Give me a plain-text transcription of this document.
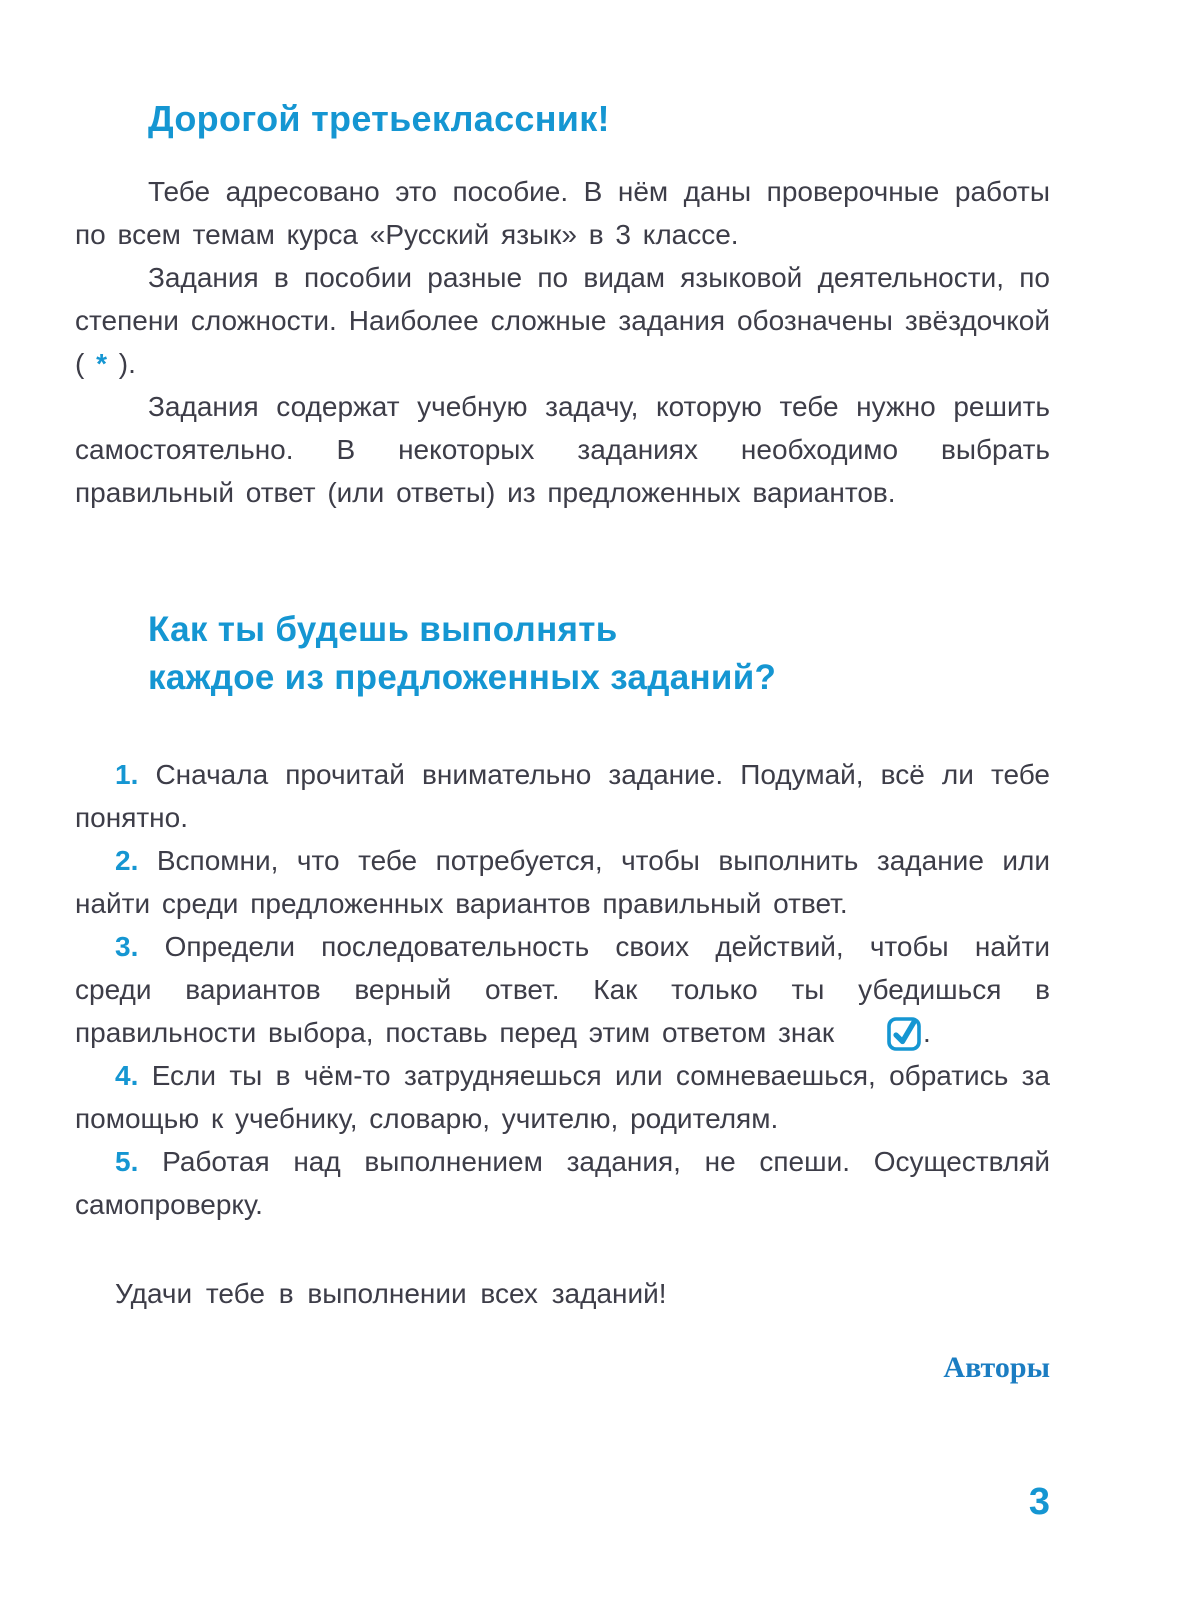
Дорогой третьеклассник!

Тебе адресовано это пособие. В нём даны проверочные работы по всем темам курса «Русский язык» в 3 классе.

Задания в пособии разные по видам языковой деятельности, по степени сложности. Наиболее сложные задания обозначены звёздочкой ( * ).

Задания содержат учебную задачу, которую тебе нужно решить самостоятельно. В некоторых заданиях необходимо выбрать правильный ответ (или ответы) из предложенных вариантов.

Как ты будешь выполнять
каждое из предложенных заданий?

1. Сначала прочитай внимательно задание. Подумай, всё ли тебе понятно.

2. Вспомни, что тебе потребуется, чтобы выполнить задание или найти среди предложенных вариантов правильный ответ.

3. Определи последовательность своих действий, чтобы найти среди вариантов верный ответ. Как только ты убедишься в правильности выбора, поставь перед этим ответом знак	.

4. Если ты в чём-то затрудняешься или сомневаешься, обратись за помощью к учебнику, словарю, учителю, родителям.

5. Работая над выполнением задания, не спеши. Осуществляй самопроверку.

Удачи тебе в выполнении всех заданий!

Авторы
3
